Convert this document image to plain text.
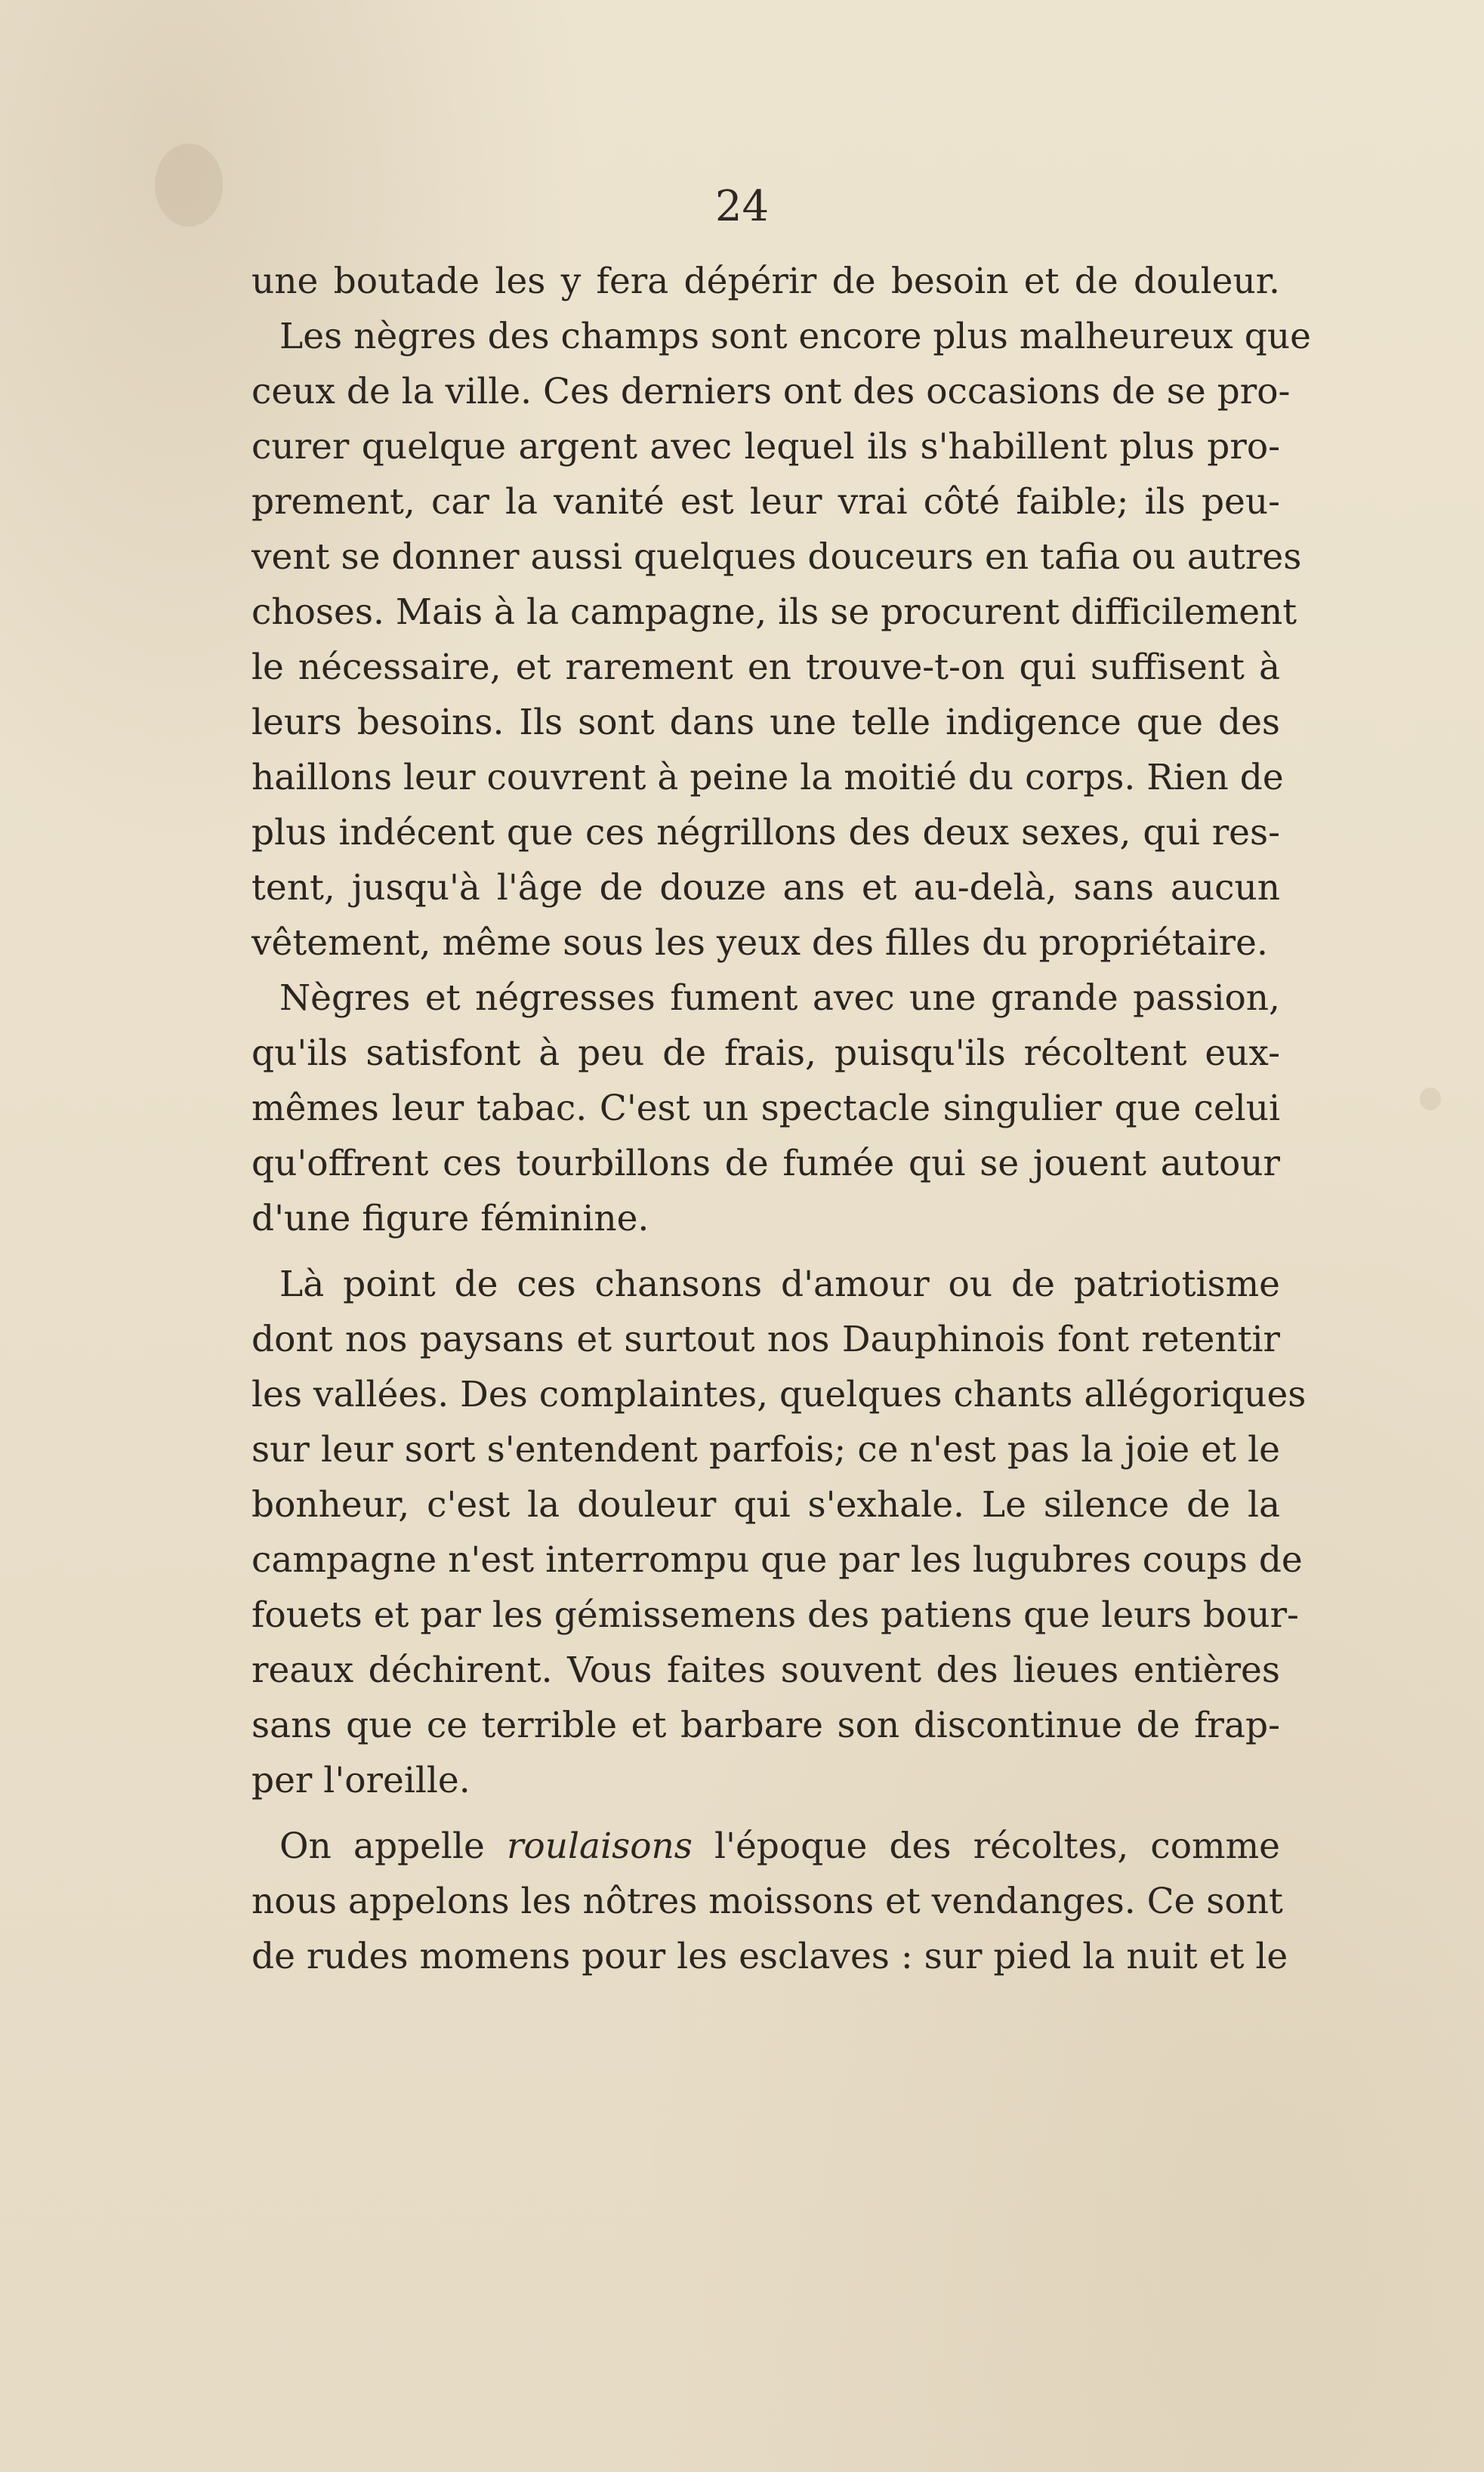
24
une boutade les y fera dépérir de besoin et de douleur.
Les nègres des champs sont encore plus malheureux que
ceux de la ville. Ces derniers ont des occasions de se pro-
curer quelque argent avec lequel ils s'habillent plus pro-
prement, car la vanité est leur vrai côté faible; ils peu-
vent se donner aussi quelques douceurs en tafia ou autres
choses. Mais à la campagne, ils se procurent difficilement
le nécessaire, et rarement en trouve-t-on qui suffisent à
leurs besoins. Ils sont dans une telle indigence que des
haillons leur couvrent à peine la moitié du corps. Rien de
plus indécent que ces négrillons des deux sexes, qui res-
tent, jusqu'à l'âge de douze ans et au-delà, sans aucun
vêtement, même sous les yeux des filles du propriétaire.
Nègres et négresses fument avec une grande passion,
qu'ils satisfont à peu de frais, puisqu'ils récoltent eux-
mêmes leur tabac. C'est un spectacle singulier que celui
qu'offrent ces tourbillons de fumée qui se jouent autour
d'une figure féminine.
Là point de ces chansons d'amour ou de patriotisme
dont nos paysans et surtout nos Dauphinois font retentir
les vallées. Des complaintes, quelques chants allégoriques
sur leur sort s'entendent parfois; ce n'est pas la joie et le
bonheur, c'est la douleur qui s'exhale. Le silence de la
campagne n'est interrompu que par les lugubres coups de
fouets et par les gémissemens des patiens que leurs bour-
reaux déchirent. Vous faites souvent des lieues entières
sans que ce terrible et barbare son discontinue de frap-
per l'oreille.
On appelle roulaisons l'époque des récoltes, comme
nous appelons les nôtres moissons et vendanges. Ce sont
de rudes momens pour les esclaves : sur pied la nuit et le
